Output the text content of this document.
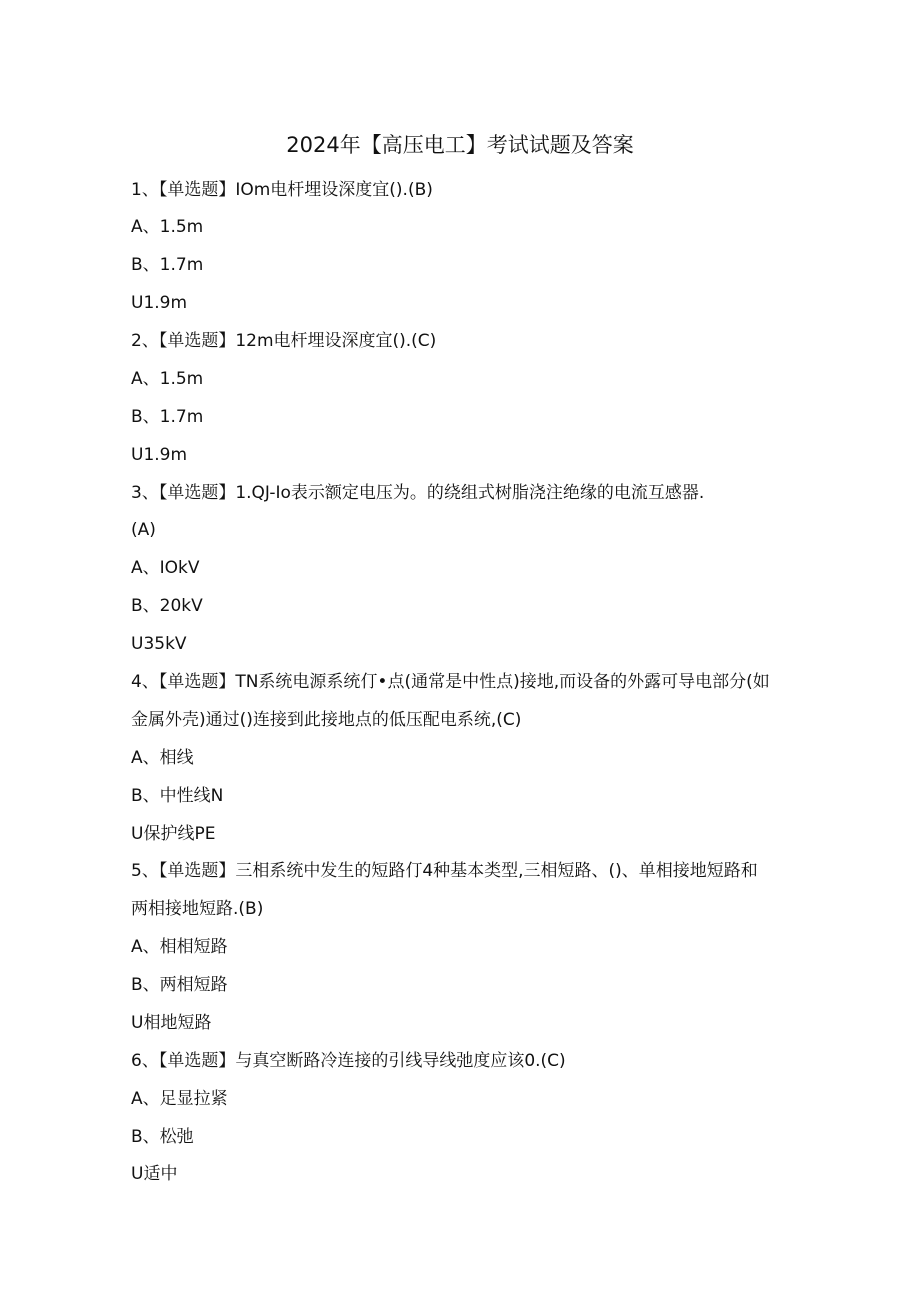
2024年【高压电工】考试试题及答案
1、【单选题】IOm电杆埋设深度宜().(B)
A、1.5m
B、1.7m
U1.9m
2、【单选题】12m电杆埋设深度宜().(C)
A、1.5m
B、1.7m
U1.9m
3、【单选题】1.QJ-Io表示额定电压为。的绕组式树脂浇注绝缘的电流互感器.
(A)
A、IOkV
B、20kV
U35kV
4、【单选题】TN系统电源系统仃•点(通常是中性点)接地,而设备的外露可导电部分(如
金属外壳)通过()连接到此接地点的低压配电系统,(C)
A、相线
B、中性线N
U保护线PE
5、【单选题】三相系统中发生的短路仃4种基本类型,三相短路、()、单相接地短路和
两相接地短路.(B)
A、相相短路
B、两相短路
U相地短路
6、【单选题】与真空断路冷连接的引线导线弛度应该0.(C)
A、足显拉紧
B、松弛
U适中
